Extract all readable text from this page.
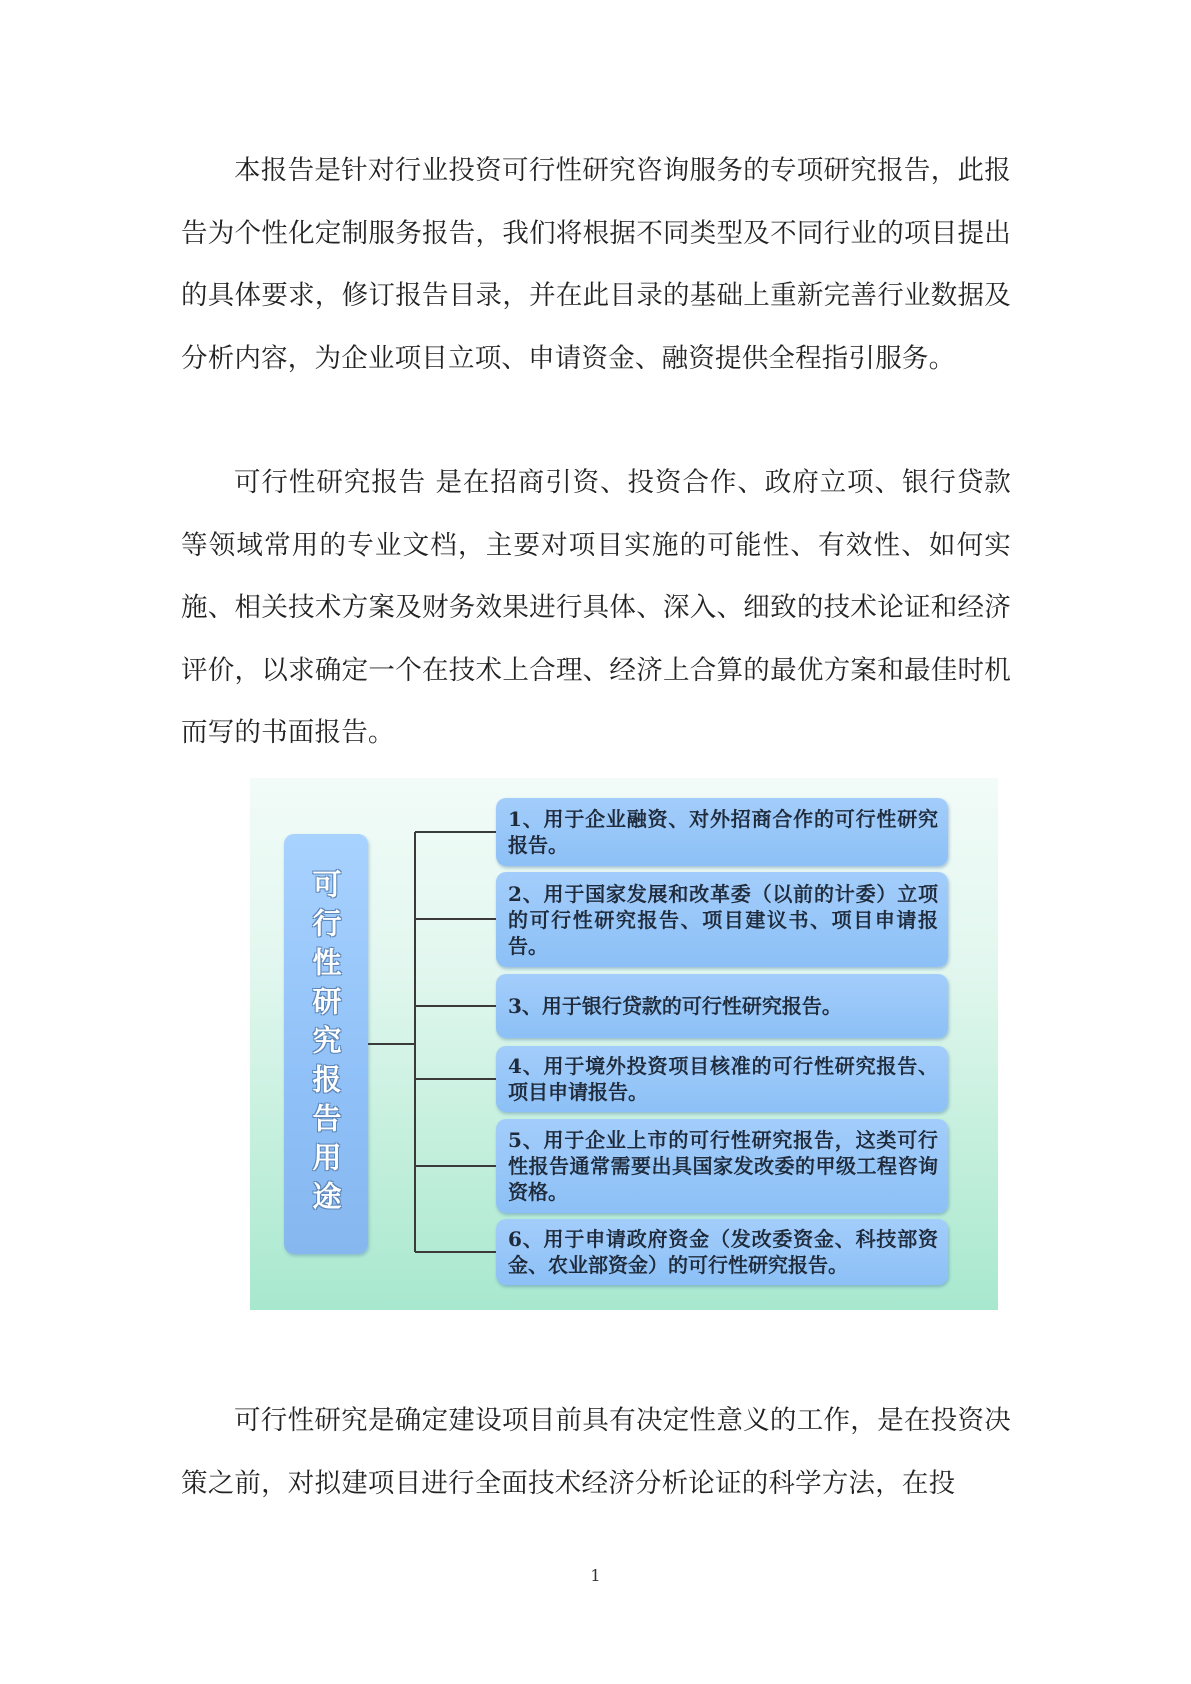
本报告是针对行业投资可行性研究咨询服务的专项研究报告，此报告为个性化定制服务报告，我们将根据不同类型及不同行业的项目提出的具体要求，修订报告目录，并在此目录的基础上重新完善行业数据及分析内容，为企业项目立项、申请资金、融资提供全程指引服务。

可行性研究报告 是在招商引资、投资合作、政府立项、银行贷款等领域常用的专业文档，主要对项目实施的可能性、有效性、如何实施、相关技术方案及财务效果进行具体、深入、细致的技术论证和经济评价，以求确定一个在技术上合理、经济上合算的最优方案和最佳时机而写的书面报告。

可行性研究报告用途
1、用于企业融资、对外招商合作的可行性研究报告。
2、用于国家发展和改革委（以前的计委）立项的可行性研究报告、项目建议书、项目申请报告。
3、用于银行贷款的可行性研究报告。
4、用于境外投资项目核准的可行性研究报告、项目申请报告。
5、用于企业上市的可行性研究报告，这类可行性报告通常需要出具国家发改委的甲级工程咨询资格。
6、用于申请政府资金（发改委资金、科技部资金、农业部资金）的可行性研究报告。

可行性研究是确定建设项目前具有决定性意义的工作，是在投资决策之前，对拟建项目进行全面技术经济分析论证的科学方法，在投

1
